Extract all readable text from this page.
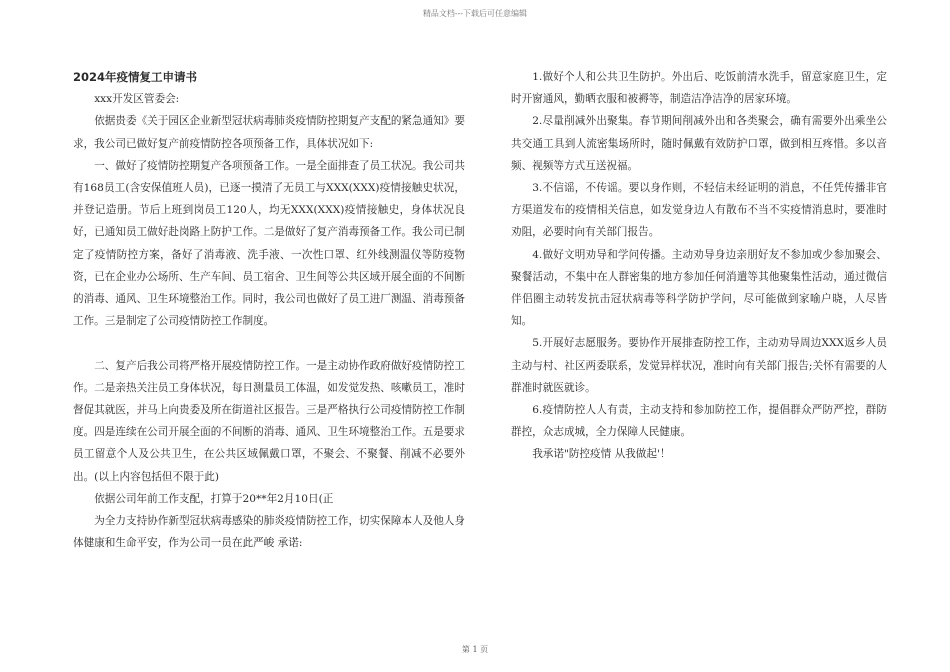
精品文档---下载后可任意编辑
2024年疫情复工申请书

xxx开发区管委会:

依据贵委《关于园区企业新型冠状病毒肺炎疫情防控期复产支配的紧急通知》要求，我公司已做好复产前疫情防控各项预备工作，具体状况如下:

一、做好了疫情防控期复产各项预备工作。一是全面排查了员工状况。我公司共有168员工(含安保值班人员)，已逐一摸清了无员工与XXX(XXX)疫情接触史状况，并登记造册。节后上班到岗员工120人，均无XXX(XXX)疫情接触史，身体状况良好，已通知员工做好赴岗路上防护工作。二是做好了复产消毒预备工作。我公司已制定了疫情防控方案，备好了消毒液、洗手液、一次性口罩、红外线测温仪等防疫物资，已在企业办公场所、生产车间、员工宿舍、卫生间等公共区域开展全面的不间断的消毒、通风、卫生环境整治工作。同时，我公司也做好了员工进厂测温、消毒预备工作。三是制定了公司疫情防控工作制度。

二、复产后我公司将严格开展疫情防控工作。一是主动协作政府做好疫情防控工作。二是亲热关注员工身体状况，每日测量员工体温，如发觉发热、咳嗽员工，准时督促其就医，并马上向贵委及所在街道社区报告。三是严格执行公司疫情防控工作制度。四是连续在公司开展全面的不间断的消毒、通风、卫生环境整治工作。五是要求员工留意个人及公共卫生，在公共区域佩戴口罩，不聚会、不聚餐、削减不必要外出。(以上内容包括但不限于此)

依据公司年前工作支配，打算于20**年2月10日(正

为全力支持协作新型冠状病毒感染的肺炎疫情防控工作，切实保障本人及他人身体健康和生命平安，作为公司一员在此严峻 承诺:

1.做好个人和公共卫生防护。外出后、吃饭前清水洗手，留意家庭卫生，定时开窗通风，勤晒衣服和被褥等，制造洁净洁净的居家环境。

2.尽量削减外出聚集。春节期间削减外出和各类聚会，确有需要外出乘坐公共交通工具到人流密集场所时，随时佩戴有效防护口罩，做到相互疼惜。多以音频、视频等方式互送祝福。

3.不信谣，不传谣。要以身作则，不轻信未经证明的消息，不任凭传播非官方渠道发布的疫情相关信息，如发觉身边人有散布不当不实疫情消息时，要准时劝阻，必要时向有关部门报告。

4.做好文明劝导和学问传播。主动劝导身边亲朋好友不参加或少参加聚会、聚餐活动，不集中在人群密集的地方参加任何消遣等其他聚集性活动，通过微信伴侣圈主动转发抗击冠状病毒等科学防护学问，尽可能做到家喻户晓，人尽皆知。

5.开展好志愿服务。要协作开展排查防控工作，主动劝导周边XXX返乡人员主动与村、社区两委联系，发觉异样状况，准时向有关部门报告;关怀有需要的人群准时就医就诊。

6.疫情防控人人有责，主动支持和参加防控工作，提倡群众严防严控，群防群控，众志成城，全力保障人民健康。

我承诺"防控疫情 从我做起'！

第 1 页
